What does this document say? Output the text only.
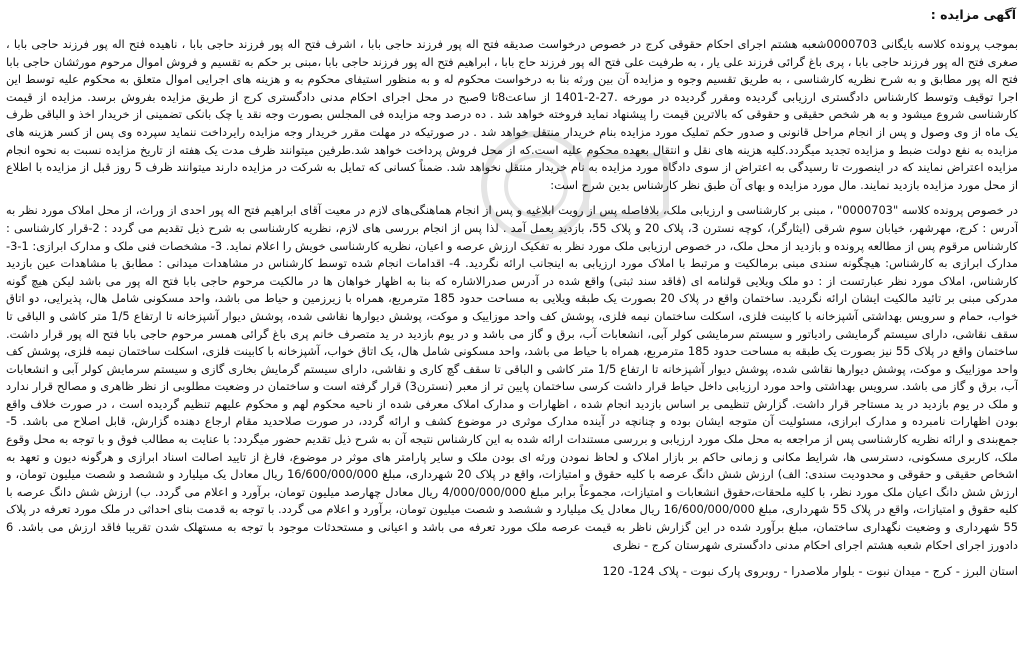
آگهی مزایده :

بموجب پرونده کلاسه بایگانی 0000703شعبه هشتم اجرای احکام حقوقی کرج در خصوص درخواست صدیقه فتح اله پور فرزند حاجی بابا ، اشرف فتح اله پور فرزند حاجی بابا ، ناهیده فتح اله پور فرزند حاجی بابا ، صغری فتح اله پور فرزند حاجی بابا ، پری باغ گرائی فرزند علی یار ، به طرفیت علی فتح اله پور فرزند حاج بابا ، ابراهیم فتح اله پور فرزند حاجی بابا ،مبنی بر حکم به تقسیم و فروش اموال مرحوم مورثشان حاجی بابا فتح اله پور مطابق و به شرح نظریه کارشناسی ، به طریق تقسیم وجوه و مزایده آن بین ورثه بنا به درخواست محکوم له و به منظور استیفای محکوم به و هزینه های اجرایی اموال متعلق به محکوم علیه توسط این اجرا توقیف وتوسط کارشناس دادگستری ارزیابی گردیده ومقرر گردیده در مورخه .27-2-1401 از ساعت8تا 9صبح در محل اجرای احکام مدنی دادگستری کرج از طریق مزایده بفروش برسد. مزایده از قیمت کارشناسی شروع میشود و به هر شخص حقیقی و حقوقی که بالاترین قیمت را پیشنهاد نماید فروخته خواهد شد . ده درصد وجه مزایده فی المجلس بصورت وجه نقد یا چک بانکی تضمینی از خریدار اخذ و الباقی ظرف یک ماه از وی وصول و پس از انجام مراحل قانونی و صدور حکم تملیک مورد مزایده بنام خریدار منتقل خواهد شد . در صورتیکه در مهلت مقرر خریدار وجه مزایده رایرداخت ننماید سپرده وی پس از کسر هزینه های مزایده به نفع دولت ضبط و مزایده تجدید میگردد.کلیه هزینه های نقل و انتقال بعهده محکوم علیه است.که از محل فروش پرداخت خواهد شد.طرفین میتوانند ظرف مدت یک هفته از تاریخ مزایده نسبت به نحوه انجام مزایده اعتراض نمایند که در اینصورت تا رسیدگی به اعتراض از سوی دادگاه مورد مزایده به نام خریدار منتقل نخواهد شد. ضمناً کسانی که تمایل به شرکت در مزایده دارند میتوانند ظرف 5 روز قبل از مزایده با اطلاع از محل مورد مزایده بازدید نمایند. مال مورد مزایده و بهای آن طبق نظر کارشناس بدین شرح است:

در خصوص پرونده کلاسه "0000703" ، مبنی بر کارشناسی و ارزیابی ملک، بلافاصله پس از رویت ابلاغیه و پس از انجام هماهنگی‌های لازم در معیت آقای ابراهیم فتح اله پور احدی از وراث، از محل املاک مورد نظر به آدرس : کرج، مهرشهر، خیابان سوم شرقی (ایثارگر)، کوچه نسترن 3، پلاک 20 و پلاک 55، بازدید بعمل آمد . لذا پس از انجام بررسی های لازم، نظریه کارشناسی به شرح ذیل تقدیم می گردد : 2-قرار کارشناسی : کارشناس مرقوم پس از مطالعه پرونده و بازدید از محل ملک، در خصوص ارزیابی ملک مورد نظر به تفکیک ارزش عرصه و اعیان، نظریه کارشناسی خویش را اعلام نماید. 3- مشخصات فنی ملک و مدارک ابرازی: 1-3- مدارک ابرازی به کارشناس: هیچگونه سندی مبنی برمالکیت و مرتبط با املاک مورد ارزیابی به اینجانب ارائه نگردید. 4- اقدامات انجام شده توسط کارشناس در مشاهدات میدانی : مطابق با مشاهدات عین بازدید کارشناس، املاک مورد نظر عبارتست از : دو ملک ویلایی قولنامه ای (فاقد سند ثبتی) واقع شده در آدرس صدرالاشاره که بنا به اظهار خواهان ها در مالکیت مرحوم حاجی بابا فتح اله پور می باشد لیکن هیچ گونه مدرکی مبنی بر تائید مالکیت ایشان ارائه نگردید. ساختمان واقع در پلاک 20 بصورت یک طبقه ویلایی به مساحت حدود 185 مترمربع، همراه با زیرزمین و حیاط می باشد، واحد مسکونی شامل هال، پذیرایی، دو اتاق خواب، حمام و سرویس بهداشتی آشپزخانه با کابینت فلزی، اسکلت ساختمان نیمه فلزی، پوشش کف واحد موزاییک و موکت، پوشش دیوارها نقاشی شده، پوشش دیوار آشپزخانه تا ارتفاع 1/5 متر کاشی و الباقی تا سقف نقاشی، دارای سیستم گرمایشی رادیاتور و سیستم سرمایشی کولر آبی، انشعابات آب، برق و گاز می باشد و در یوم بازدید در ید متصرف خانم پری باغ گرائی همسر مرحوم حاجی بابا فتح اله پور قرار داشت. ساختمان واقع در پلاک 55 نیز بصورت یک طبقه به مساحت حدود 185 مترمربع، همراه با حیاط می باشد، واحد مسکونی شامل هال، یک اتاق خواب، آشپزخانه با کابینت فلزی، اسکلت ساختمان نیمه فلزی، پوشش کف واحد موزاییک و موکت، پوشش دیوارها نقاشی شده، پوشش دیوار آشپزخانه تا ارتفاع 1/5 متر کاشی و الباقی تا سقف گچ کاری و نقاشی، دارای سیستم گرمایش بخاری گازی و سیستم سرمایش کولر آبی و انشعابات آب، برق و گاز می باشد. سرویس بهداشتی واحد مورد ارزیابی داخل حیاط قرار داشت کرسی ساختمان پایین تر از معبر (نسترن3) قرار گرفته است و ساختمان در وضعیت مطلوبی از نظر ظاهری و مصالح قرار ندارد و ملک در یوم بازدید در ید مستاجر قرار داشت. گزارش تنظیمی بر اساس بازدید انجام شده ، اظهارات و مدارک املاک معرفی شده از ناحیه محکوم لهم و محکوم علیهم تنظیم گردیده است ، در صورت خلاف واقع بودن اظهارات نامبرده و مدارک ابرازی، مسئولیت آن متوجه ایشان بوده و چنانچه در آینده مدارک موثری در موضوع کشف و ارائه گردد، در صورت صلاحدید مقام ارجاع دهنده گزارش، قابل اصلاح می باشد. 5- جمع‌بندی و ارائه نظریه کارشناسی پس از مراجعه به محل ملک مورد ارزیابی و بررسی مستندات ارائه شده به این کارشناس نتیجه آن به شرح ذیل تقدیم حضور میگردد: با عنایت به مطالب فوق و با توجه به محل وقوع ملک، کاربری مسکونی، دسترسی ها، شرایط مکانی و زمانی حاکم بر بازار املاک و لحاظ نمودن ورثه ای بودن ملک و سایر پارامتر های موثر در موضوع، فارغ از تایید اصالت اسناد ابرازی و هرگونه دیون و تعهد به اشخاص حقیقی و حقوقی و محدودیت سندی: الف) ارزش شش دانگ عرصه با کلیه حقوق و امتیازات، واقع در پلاک 20 شهرداری، مبلغ 16/600/000/000 ریال معادل یک میلیارد و ششصد و شصت میلیون تومان، و ارزش شش دانگ اعیان ملک مورد نظر، با کلیه ملحقات،حقوق انشعابات و امتیازات، مجموعاً برابر مبلغ 4/000/000/000 ریال معادل چهارصد میلیون تومان، برآورد و اعلام می گردد. ب) ارزش شش دانگ عرصه با کلیه حقوق و امتیازات، واقع در پلاک 55 شهرداری، مبلغ 16/600/000/000 ریال معادل یک میلیارد و ششصد و شصت میلیون تومان، برآورد و اعلام می گردد. با توجه به قدمت بنای احداثی در ملک مورد تعرفه در پلاک 55 شهرداری و وضعیت نگهداری ساختمان، مبلغ برآورد شده در این گزارش ناظر به قیمت عرصه ملک مورد تعرفه می باشد و اعیانی و مستحدثات موجود با توجه به مستهلک شدن تقریبا فاقد ارزش می باشد. 6 دادورز اجرای احکام شعبه هشتم اجرای احکام مدنی دادگستری شهرستان کرج - نظری

استان البرز - کرج - میدان نبوت - بلوار ملاصدرا - روبروی پارک نبوت - پلاک 124- 120
